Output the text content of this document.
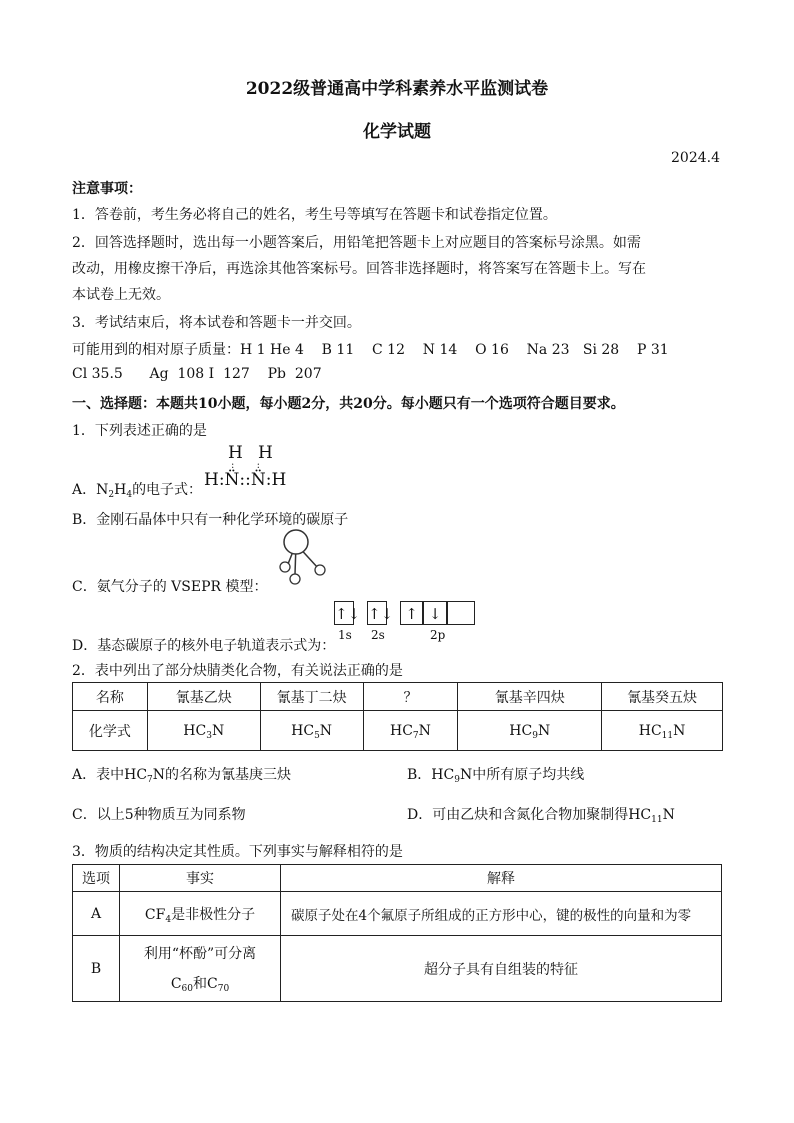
2022级普通高中学科素养水平监测试卷
化学试题
2024.4
注意事项：
1．答卷前，考生务必将自己的姓名，考生号等填写在答题卡和试卷指定位置。
2．回答选择题时，选出每一小题答案后，用铅笔把答题卡上对应题目的答案标号涂黑。如需
改动，用橡皮擦干净后，再选涂其他答案标号。回答非选择题时，将答案写在答题卡上。写在
本试卷上无效。
3．考试结束后，将本试卷和答题卡一并交回。
可能用到的相对原子质量：H 1 He 4    B 11    C 12    N 14    O 16    Na 23   Si 28    P 31
Cl 35.5      Ag  108 I  127    Pb  207
一、选择题：本题共10小题，每小题2分，共20分。每小题只有一个选项符合题目要求。
1．下列表述正确的是
H H
:       :
H:N̈::N̈:H
A．$N_2H_4$的电子式：
B．金刚石晶体中只有一种化学环境的碳原子
C．氨气分子的 VSEPR 模型：
↑↓ ↑↓ ↑ ↓
1s 2s	2p
D．基态碳原子的核外电子轨道表示式为：
2．表中列出了部分炔腈类化合物，有关说法正确的是
名称	氰基乙炔	氰基丁二炔	？	氰基辛四炔	氰基癸五炔
化学式	$HC_3N$	$HC_5N$	$HC_7N$	$HC_9N$	$HC_{11}N$
A．表中$HC_7N$的名称为氰基庚三炔	B．$HC_9N$中所有原子均共线
C．以上5种物质互为同系物	D．可由乙炔和含氮化合物加聚制得$HC_{11}N$
3．物质的结构决定其性质。下列事实与解释相符的是
选项	事实	解释
A	$CF_4$是非极性分子	碳原子处在4个氟原子所组成的正方形中心，键的极性的向量和为零
B	利用“杯酚”可分离
$C_{60}$和$C_{70}$	超分子具有自组装的特征
